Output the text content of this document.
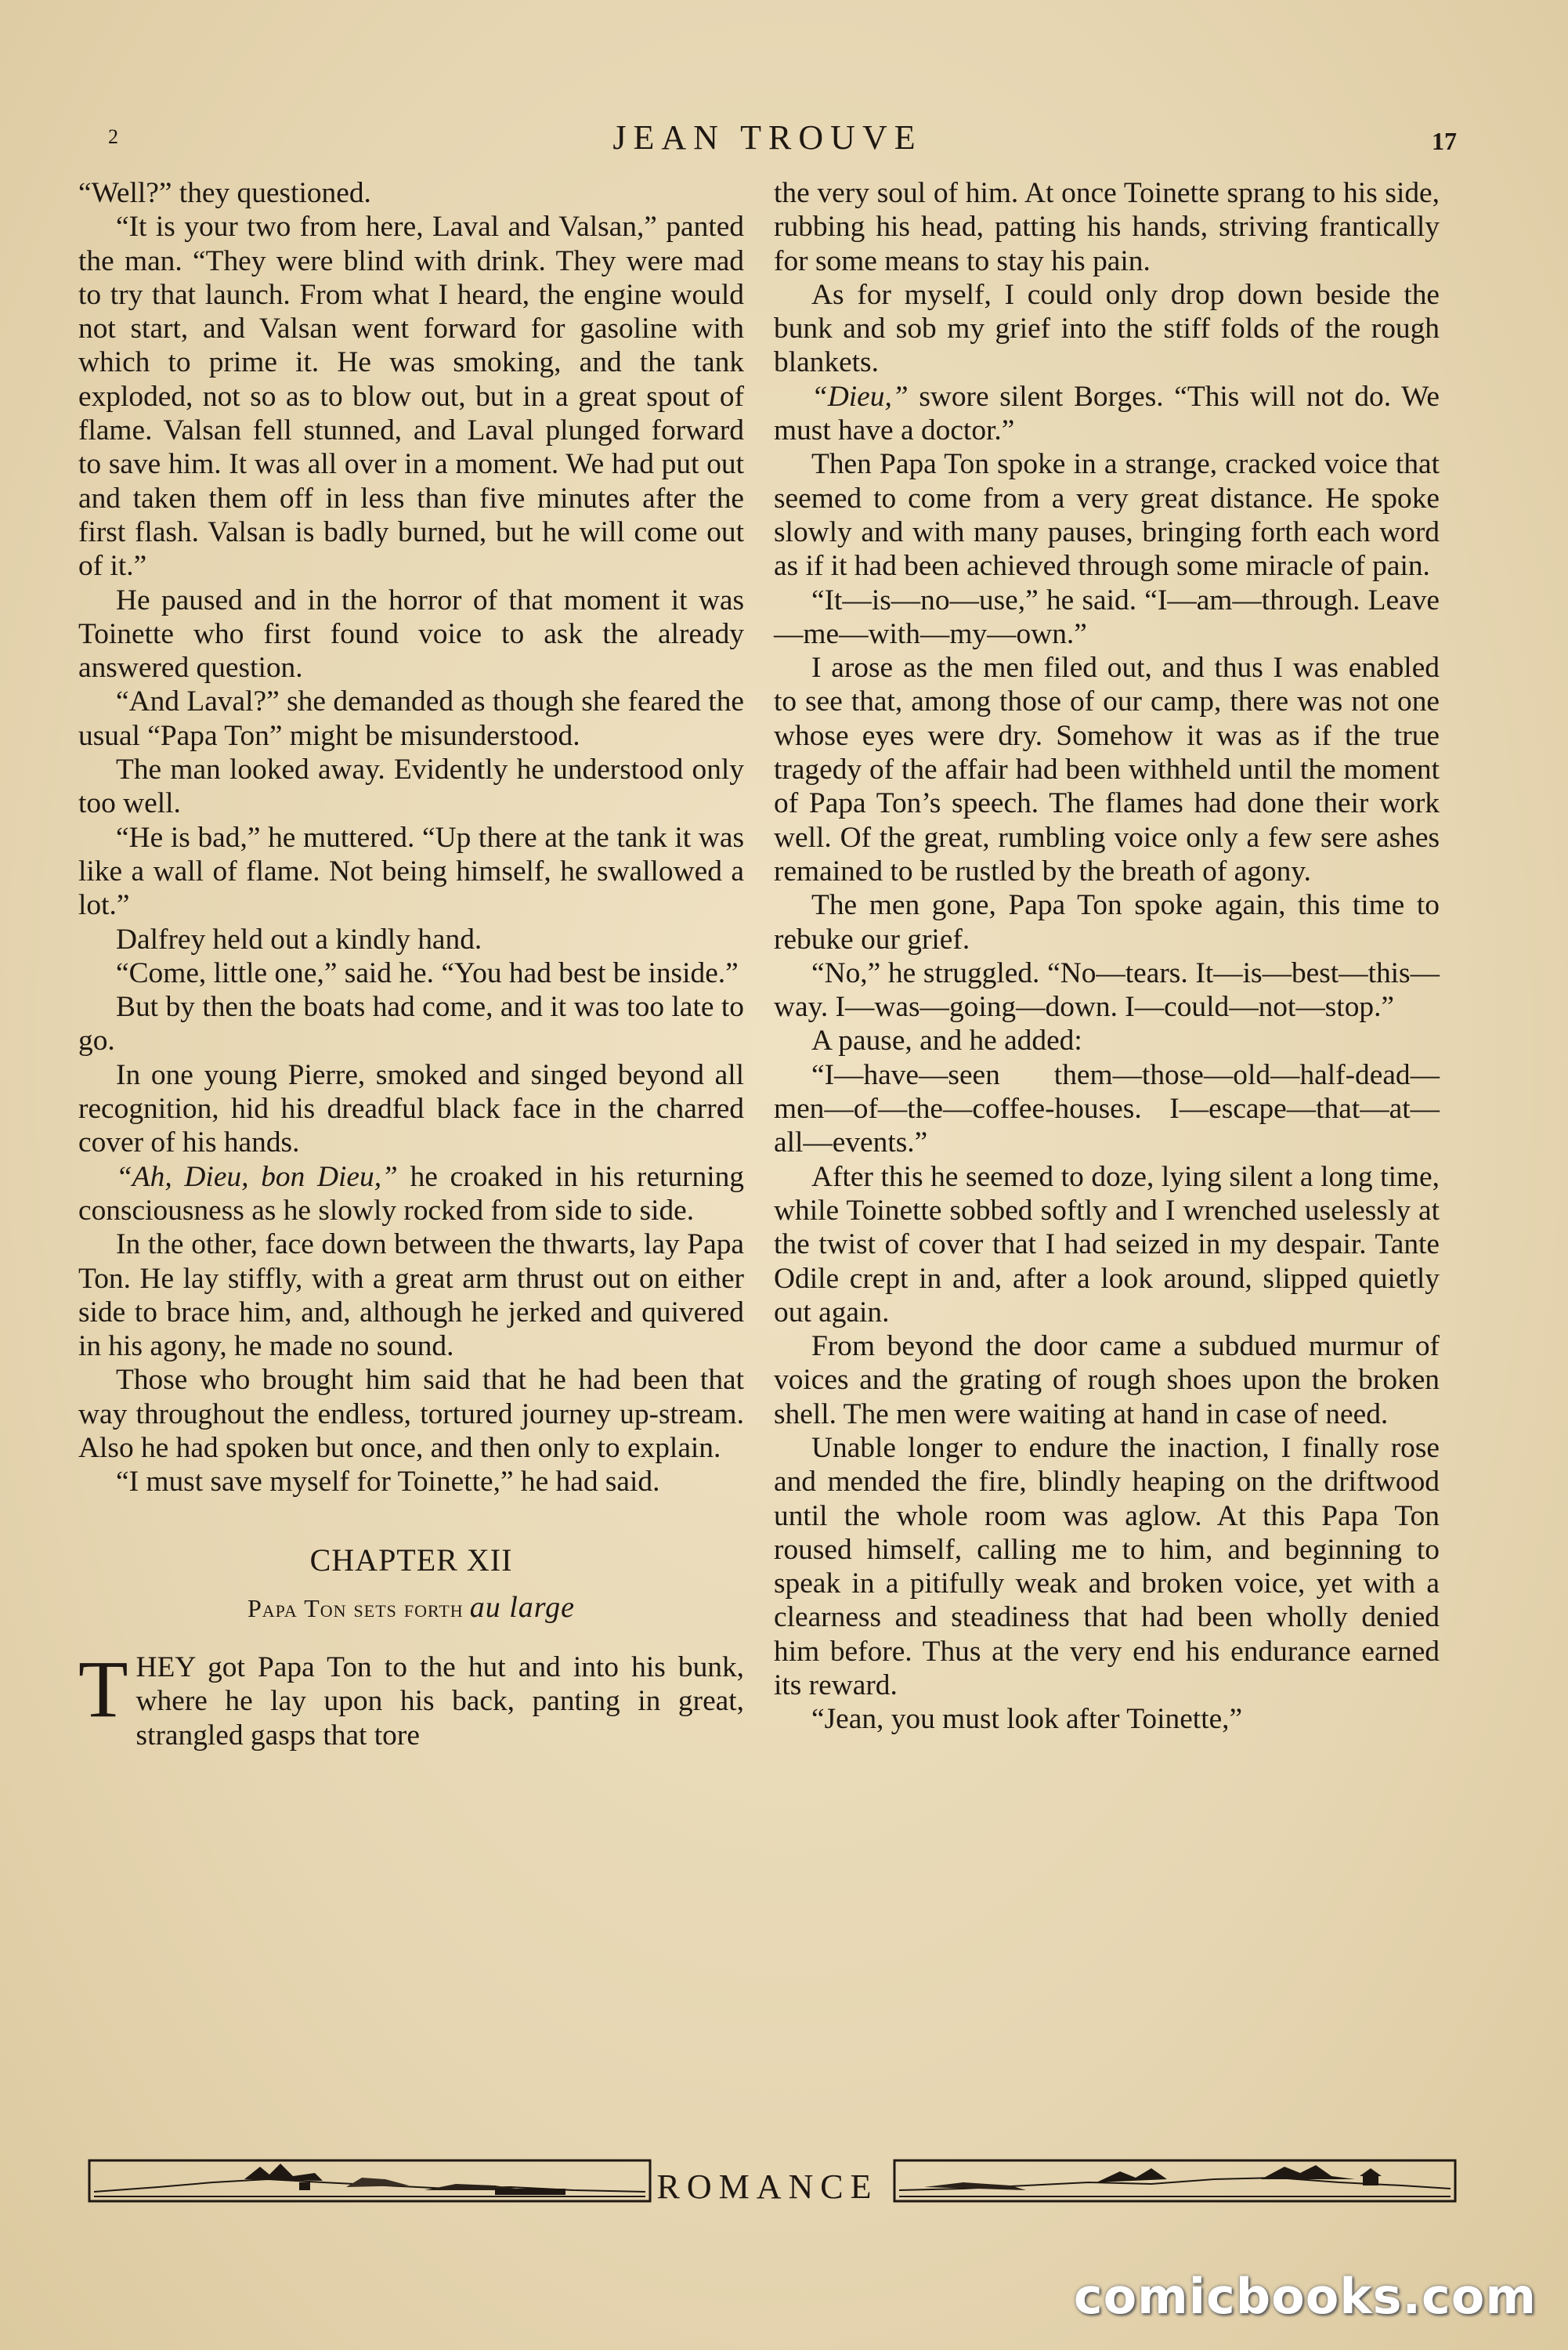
2	JEAN TROUVE	17

“Well?” they questioned.

“It is your two from here, Laval and Valsan,” panted the man. “They were blind with drink. They were mad to try that launch. From what I heard, the engine would not start, and Valsan went forward for gasoline with which to prime it. He was smoking, and the tank exploded, not so as to blow out, but in a great spout of flame. Valsan fell stunned, and Laval plunged forward to save him. It was all over in a moment. We had put out and taken them off in less than five minutes after the first flash. Valsan is badly burned, but he will come out of it.”

He paused and in the horror of that moment it was Toinette who first found voice to ask the already answered question.

“And Laval?” she demanded as though she feared the usual “Papa Ton” might be misunderstood.

The man looked away. Evidently he understood only too well.

“He is bad,” he muttered. “Up there at the tank it was like a wall of flame. Not being himself, he swallowed a lot.”

Dalfrey held out a kindly hand.

“Come, little one,” said he. “You had best be inside.”

But by then the boats had come, and it was too late to go.

In one young Pierre, smoked and singed beyond all recognition, hid his dreadful black face in the charred cover of his hands.

“Ah, Dieu, bon Dieu,” he croaked in his returning consciousness as he slowly rocked from side to side.

In the other, face down between the thwarts, lay Papa Ton. He lay stiffly, with a great arm thrust out on either side to brace him, and, although he jerked and quivered in his agony, he made no sound.

Those who brought him said that he had been that way throughout the endless, tortured journey up-stream. Also he had spoken but once, and then only to explain.

“I must save myself for Toinette,” he had said.

CHAPTER XII

Papa Ton sets forth au large

THEY got Papa Ton to the hut and into his bunk, where he lay upon his back, panting in great, strangled gasps that tore

the very soul of him. At once Toinette sprang to his side, rubbing his head, patting his hands, striving frantically for some means to stay his pain.

As for myself, I could only drop down beside the bunk and sob my grief into the stiff folds of the rough blankets.

“Dieu,” swore silent Borges. “This will not do. We must have a doctor.”

Then Papa Ton spoke in a strange, cracked voice that seemed to come from a very great distance. He spoke slowly and with many pauses, bringing forth each word as if it had been achieved through some miracle of pain.

“It—is—no—use,” he said. “I—am—through. Leave—me—with—my—own.”

I arose as the men filed out, and thus I was enabled to see that, among those of our camp, there was not one whose eyes were dry. Somehow it was as if the true tragedy of the affair had been withheld until the moment of Papa Ton’s speech. The flames had done their work well. Of the great, rumbling voice only a few sere ashes remained to be rustled by the breath of agony.

The men gone, Papa Ton spoke again, this time to rebuke our grief.

“No,” he struggled. “No—tears. It—is—best—this—way. I—was—going—down. I—could—not—stop.”

A pause, and he added:

“I—have—seen them—those—old—half-dead—men—of—the—coffee-houses. I—escape—that—at—all—events.”

After this he seemed to doze, lying silent a long time, while Toinette sobbed softly and I wrenched uselessly at the twist of cover that I had seized in my despair. Tante Odile crept in and, after a look around, slipped quietly out again.

From beyond the door came a subdued murmur of voices and the grating of rough shoes upon the broken shell. The men were waiting at hand in case of need.

Unable longer to endure the inaction, I finally rose and mended the fire, blindly heaping on the driftwood until the whole room was aglow. At this Papa Ton roused himself, calling me to him, and beginning to speak in a pitifully weak and broken voice, yet with a clearness and steadiness that had been wholly denied him before. Thus at the very end his endurance earned its reward.

“Jean, you must look after Toinette,”

ROMANCE
comicbooks.com
